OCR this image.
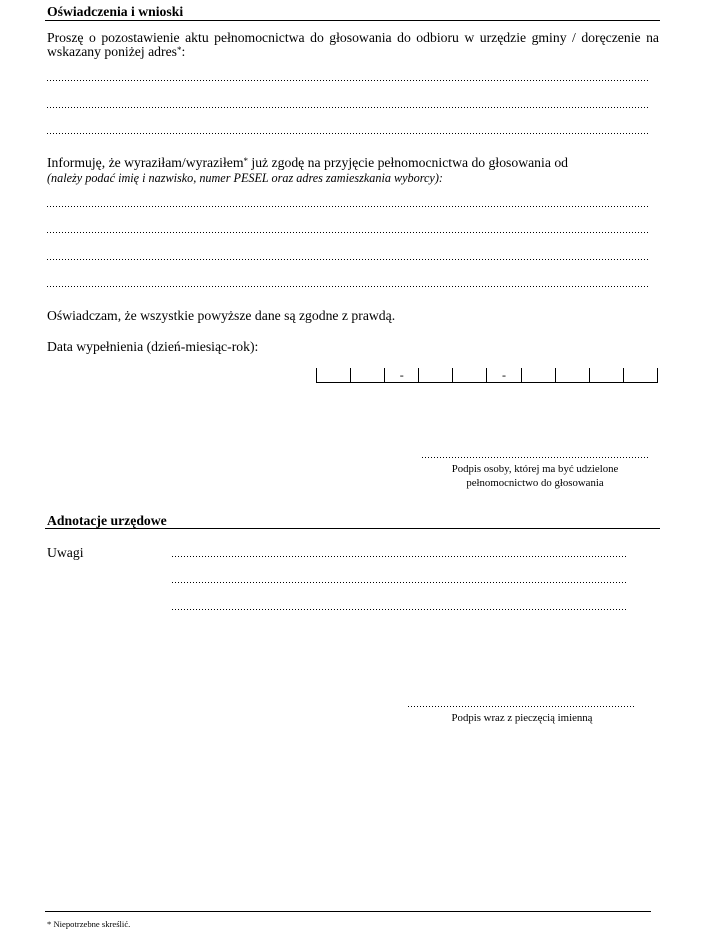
Oświadczenia i wnioski
Proszę o pozostawienie aktu pełnomocnictwa do głosowania do odbioru w urzędzie gminy / doręczenie na
wskazany poniżej adres*:
Informuję, że wyraziłam/wyraziłem* już zgodę na przyjęcie pełnomocnictwa do głosowania od
(należy podać imię i nazwisko, numer PESEL oraz adres zamieszkania wyborcy):
Oświadczam, że wszystkie powyższe dane są zgodne z prawdą.
Data wypełnienia (dzień-miesiąc-rok):
-	-
Podpis osoby, której ma być udzielone
pełnomocnictwo do głosowania
Adnotacje urzędowe
Uwagi
Podpis wraz z pieczęcią imienną
* Niepotrzebne skreślić.
